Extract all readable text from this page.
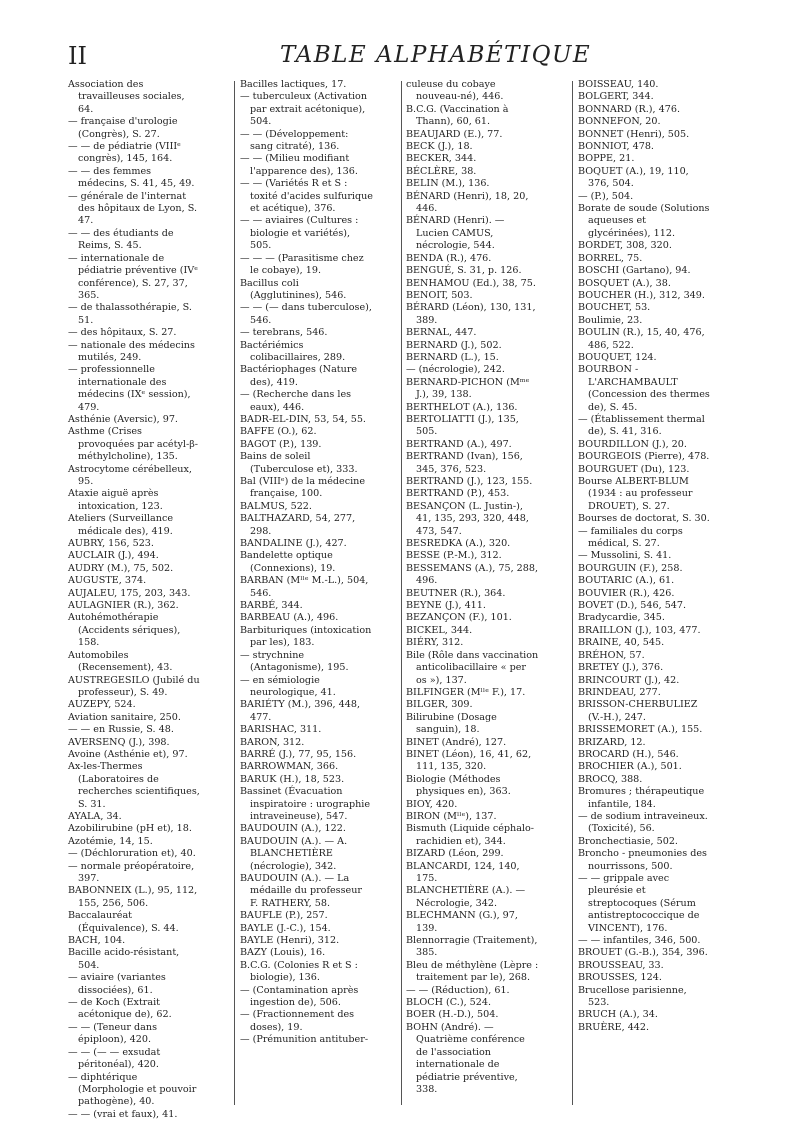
II	TABLE ALPHABÉTIQUE

Association des travailleuses sociales, 64.

— française d'urologie (Congrès), S. 27.

— — de pédiatrie (VIIIᵉ congrès), 145, 164.

— — des femmes médecins, S. 41, 45, 49.

— générale de l'internat des hôpitaux de Lyon, S. 47.

— — des étudiants de Reims, S. 45.

— internationale de pédiatrie préventive (IVᵉ conférence), S. 27, 37, 365.

— de thalassothérapie, S. 51.

— des hôpitaux, S. 27.

— nationale des médecins mutilés, 249.

— professionnelle internationale des médecins (IXᵉ session), 479.

Asthénie (Aversic), 97.

Asthme (Crises provoquées par acétyl-β-méthylcholine), 135.

Astrocytome cérébelleux, 95.

Ataxie aiguë après intoxication, 123.

Ateliers (Surveillance médicale des), 419.

AUBRY, 156, 523.

AUCLAIR (J.), 494.

AUDRY (M.), 75, 502.

AUGUSTE, 374.

AUJALEU, 175, 203, 343.

AULAGNIER (R.), 362.

Autohémothérapie (Accidents sériques), 158.

Automobiles (Recensement), 43.

AUSTREGESILO (Jubilé du professeur), S. 49.

AUZEPY, 524.

Aviation sanitaire, 250.

— — en Russie, S. 48.

AVERSENQ (J.), 398.

Avoine (Asthénie et), 97.

Ax-les-Thermes (Laboratoires de recherches scientifiques, S. 31.

AYALA, 34.

Azobilirubine (pH et), 18.

Azotémie, 14, 15.

— (Déchloruration et), 40.

— normale préopératoire, 397.

BABONNEIX (L.), 95, 112, 155, 256, 506.

Baccalauréat (Équivalence), S. 44.

BACH, 104.

Bacille acido-résistant, 504.

— aviaire (variantes dissociées), 61.

— de Koch (Extrait acétonique de), 62.

— — (Teneur dans épiploon), 420.

— — (— — exsudat péritonéal), 420.

— diphtérique (Morphologie et pouvoir pathogène), 40.

— — (vrai et faux), 41.

Bacilles lactiques, 17.

— tuberculeux (Activation par extrait acétonique), 504.

— — (Développement: sang citraté), 136.

— — (Milieu modifiant l'apparence des), 136.

— — (Variétés R et S : toxité d'acides sulfurique et acétique), 376.

— — aviaires (Cultures : biologie et variétés), 505.

— — — (Parasitisme chez le cobaye), 19.

Bacillus coli (Agglutinines), 546.

— — (— dans tuberculose), 546.

— terebrans, 546.

Bactériémics colibacillaires, 289.

Bactériophages (Nature des), 419.

— (Recherche dans les eaux), 446.

BADR-EL-DIN, 53, 54, 55.

BAFFE (O.), 62.

BAGOT (P.), 139.

Bains de soleil (Tuberculose et), 333.

Bal (VIIIᵉ) de la médecine française, 100.

BALMUS, 522.

BALTHAZARD, 54, 277, 298.

BANDALINE (J.), 427.

Bandelette optique (Connexions), 19.

BARBAN (Mˡˡᵉ M.-L.), 504, 546.

BARBÉ, 344.

BARBEAU (A.), 496.

Barbituriques (intoxication par les), 183.

— strychnine (Antagonisme), 195.

— en sémiologie neurologique, 41.

BARIÉTY (M.), 396, 448, 477.

BARISHAC, 311.

BARON, 312.

BARRÉ (J.), 77, 95, 156.

BARROWMAN, 366.

BARUK (H.), 18, 523.

Bassinet (Évacuation inspiratoire : urographie intraveineuse), 547.

BAUDOUIN (A.), 122.

BAUDOUIN (A.). — A. BLANCHETIÈRE (nécrologie), 342.

BAUDOUIN (A.). — La médaille du professeur F. RATHERY, 58.

BAUFLE (P.), 257.

BAYLE (J.-C.), 154.

BAYLE (Henri), 312.

BAZY (Louis), 16.

B.C.G. (Colonies R et S : biologie), 136.

— (Contamination après ingestion de), 506.

— (Fractionnement des doses), 19.

— (Prémunition antituber-

culeuse du cobaye nouveau-né), 446.

B.C.G. (Vaccination à Thann), 60, 61.

BEAUJARD (E.), 77.

BECK (J.), 18.

BECKER, 344.

BÉCLÈRE, 38.

BELIN (M.), 136.

BÉNARD (Henri), 18, 20, 446.

BÉNARD (Henri). — Lucien CAMUS, nécrologie, 544.

BENDA (R.), 476.

BENGUÉ, S. 31, p. 126.

BENHAMOU (Ed.), 38, 75.

BENOIT, 503.

BÉRARD (Léon), 130, 131, 389.

BERNAL, 447.

BERNARD (J.), 502.

BERNARD (L.), 15.

— (nécrologie), 242.

BERNARD-PICHON (Mᵐᵉ J.), 39, 138.

BERTHELOT (A.), 136.

BERTOLIATTI (J.), 135, 505.

BERTRAND (A.), 497.

BERTRAND (Ivan), 156, 345, 376, 523.

BERTRAND (J.), 123, 155.

BERTRAND (P.), 453.

BESANÇON (L. Justin-), 41, 135, 293, 320, 448, 473, 547.

BESREDKA (A.), 320.

BESSE (P.-M.), 312.

BESSEMANS (A.), 75, 288, 496.

BEUTNER (R.), 364.

BEYNE (J.), 411.

BEZANÇON (F.), 101.

BICKEL, 344.

BIÉRY, 312.

Bile (Rôle dans vaccination anticolibacillaire « per os »), 137.

BILFINGER (Mˡˡᵉ F.), 17.

BILGER, 309.

Bilirubine (Dosage sanguin), 18.

BINET (André), 127.

BINET (Léon), 16, 41, 62, 111, 135, 320.

Biologie (Méthodes physiques en), 363.

BIOY, 420.

BIRON (Mˡˡᵉ), 137.

Bismuth (Liquide céphalo-rachidien et), 344.

BIZARD (Léon, 299.

BLANCARDI, 124, 140, 175.

BLANCHETIÈRE (A.). — Nécrologie, 342.

BLECHMANN (G.), 97, 139.

Blennorragie (Traitement), 385.

Bleu de méthylène (Lèpre : traitement par le), 268.

— — (Réduction), 61.

BLOCH (C.), 524.

BOER (H.-D.), 504.

BOHN (André). — Quatrième conférence de l'association internationale de pédiatrie préventive, 338.

BOISSEAU, 140.

BOLGERT, 344.

BONNARD (R.), 476.

BONNEFON, 20.

BONNET (Henri), 505.

BONNIOT, 478.

BOPPE, 21.

BOQUET (A.), 19, 110, 376, 504.

— (P.), 504.

Borate de soude (Solutions aqueuses et glycérinées), 112.

BORDET, 308, 320.

BORREL, 75.

BOSCHI (Gartano), 94.

BOSQUET (A.), 38.

BOUCHER (H.), 312, 349.

BOUCHET, 53.

Boulimie, 23.

BOULIN (R.), 15, 40, 476, 486, 522.

BOUQUET, 124.

BOURBON - L'ARCHAMBAULT (Concession des thermes de), S. 45.

— (Établissement thermal de), S. 41, 316.

BOURDILLON (J.), 20.

BOURGEOIS (Pierre), 478.

BOURGUET (Du), 123.

Bourse ALBERT-BLUM (1934 : au professeur DROUET), S. 27.

Bourses de doctorat, S. 30.

— familiales du corps médical, S. 27.

— Mussolini, S. 41.

BOURGUIN (F.), 258.

BOUTARIC (A.), 61.

BOUVIER (R.), 426.

BOVET (D.), 546, 547.

Bradycardie, 345.

BRAILLON (J.), 103, 477.

BRAINE, 40, 545.

BRÉHON, 57.

BRETEY (J.), 376.

BRINCOURT (J.), 42.

BRINDEAU, 277.

BRISSON-CHERBULIEZ (V.-H.), 247.

BRISSEMORET (A.), 155.

BRIZARD, 12.

BROCARD (H.), 546.

BROCHIER (A.), 501.

BROCQ, 388.

Bromures ; thérapeutique infantile, 184.

— de sodium intraveineux. (Toxicité), 56.

Bronchectiasie, 502.

Broncho - pneumonies des nourrissons, 500.

— — grippale avec pleurésie et streptocoques (Sérum antistreptococcique de VINCENT), 176.

— — infantiles, 346, 500.

BROUET (G.-B.), 354, 396.

BROUSSEAU, 33.

BROUSSES, 124.

Brucellose parisienne, 523.

BRUCH (A.), 34.

BRUÈRE, 442.
